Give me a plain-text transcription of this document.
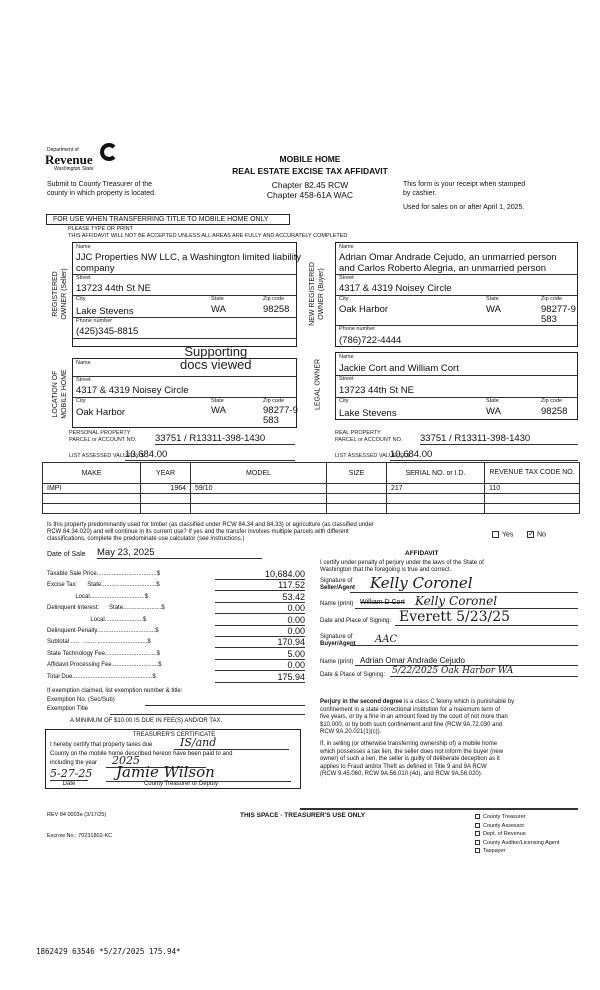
Department of
Revenue
Washington State
MOBILE HOME
REAL ESTATE EXCISE TAX AFFIDAVIT
Chapter 82.45 RCW
Chapter 458-61A WAC
Submit to County Treasurer of the
county in which property is located.
This form is your receipt when stamped
by cashier.
Used for sales on or after April 1, 2025.
FOR USE WHEN TRANSFERRING TITLE TO MOBILE HOME ONLY
PLEASE TYPE OR PRINT
THIS AFFIDAVIT WILL NOT BE ACCEPTED UNLESS ALL AREAS ARE FULLY AND ACCURATELY COMPLETED.
REGISTERED OWNER (Seller)
Name
JJC Properties NW LLC, a Washington limited liability
company
Street
13723 44th St NE
City	State	Zip code
Lake Stevens	WA	98258
Phone number
(425)345-8815
NEW REGISTERED OWNER (Buyer)
Name
Adrian Omar Andrade Cejudo, an unmarried person
and Carlos Roberto Alegria, an unmarried person
Street
4317 & 4319 Noisey Circle
City	State	Zip code
Oak Harbor	WA	98277-9
583
Phone number
(786)722-4444
LOCATION OF MOBILE HOME
Name
Street
4317 & 4319 Noisey Circle
City	State	Zip code
Oak Harbor	WA	98277-9
583
Supporting
docs viewed	LEGAL OWNER
Name
Jackie Cort and William Cort
Street
13723 44th St NE
City	State	Zip code
Lake Stevens	WA	98258
PERSONAL PROPERTY
PARCEL or ACCOUNT NO. 33751 / R13311-398-1430
LIST ASSESSED VALUE(S): $
10,684.00
REAL PROPERTY
PARCEL or ACCOUNT NO. 33751 / R13311-398-1430
LIST ASSESSED VALUE(S): $
10,684.00
MAKE	YEAR	MODEL	SIZE	SERIAL NO. or I.D.	REVENUE TAX CODE NO.
IMPI	1964	59/10		217	110

Is this property predominantly used for timber (as classified under RCW 84.34 and 84.33) or agriculture (as classified under
RCW 84.34.020) and will continue in its current use? If yes and the transfer involves multiple parcels with different
classifications, complete the predominate use calculator (see instructions.)
Yes ✓ No
Date of Sale May 23, 2025
Taxable Sale Price....................................$	10,684.00
Excise Tax:      State.................................$	117.52
Local.................................$	53.42
Delinquent Interest:      State.......................$	0.00
Local.......................$	0.00
Delinquent Penalty...................................$	0.00
Subtotal .....   ....... ..............................$	170.94
State Technology Fee...............................$	5.00
Affidavit Processing Fee............................$	0.00
Total Due................................................$	175.94
If exemption claimed, list exemption number & title:
Exemption No. (Sec/Sub)
Exemption Title
A MINIMUM OF $10.00 IS DUE IN FEE(S) AND/OR TAX.
TREASURER'S CERTIFICATE
I hereby certify that property taxes due	IS/and
County on the mobile home described hereon have been paid to and
including the year	2025
5-27-25
Date
Jamie Wilson
County Treasurer or Deputy
AFFIDAVIT
I certify under penalty of perjury under the laws of the State of
Washington that the foregoing is true and correct.
Signature of
Seller/Agent Kelly Coronel
Name (print) William D Cort Kelly Coronel
Date and Place of Signing: Everett 5/23/25
Signature of
Buyer/Agent	AAC
Name (print) Adrian Omar Andrade Cejudo
Date & Place of Signing: 5/22/2025 Oak Harbor WA
Perjury in the second degree is a class C felony which is punishable by
confinement in a state correctional institution for a maximum term of
five years, or by a fine in an amount fixed by the court of not more than
$10,000, or by both such confinement and fine (RCW 9A.72.030 and
RCW 9A.20.021(1)(c)).
If, in selling (or otherwise transferring ownership of) a mobile home
which possesses a tax lien, the seller does not inform the buyer (new
owner) of such a lien, the seller is guilty of deliberate deception as it
applies to Fraud and/or Theft as defined in Title 9 and 9A RCW
(RCW 9.45.060, RCW 9A.56.010 (4d), and RCW 9A.56.020).
REV 84 0003e (3/17/25)	THIS SPACE - TREASURER'S USE ONLY
Escrow No.: 70231802-KC
County Treasurer
County Assessor
Dept. of Revenue
County Auditor/Licensing Agent
Taxpayer
1862429 63546 *5/27/2025 175.94*
